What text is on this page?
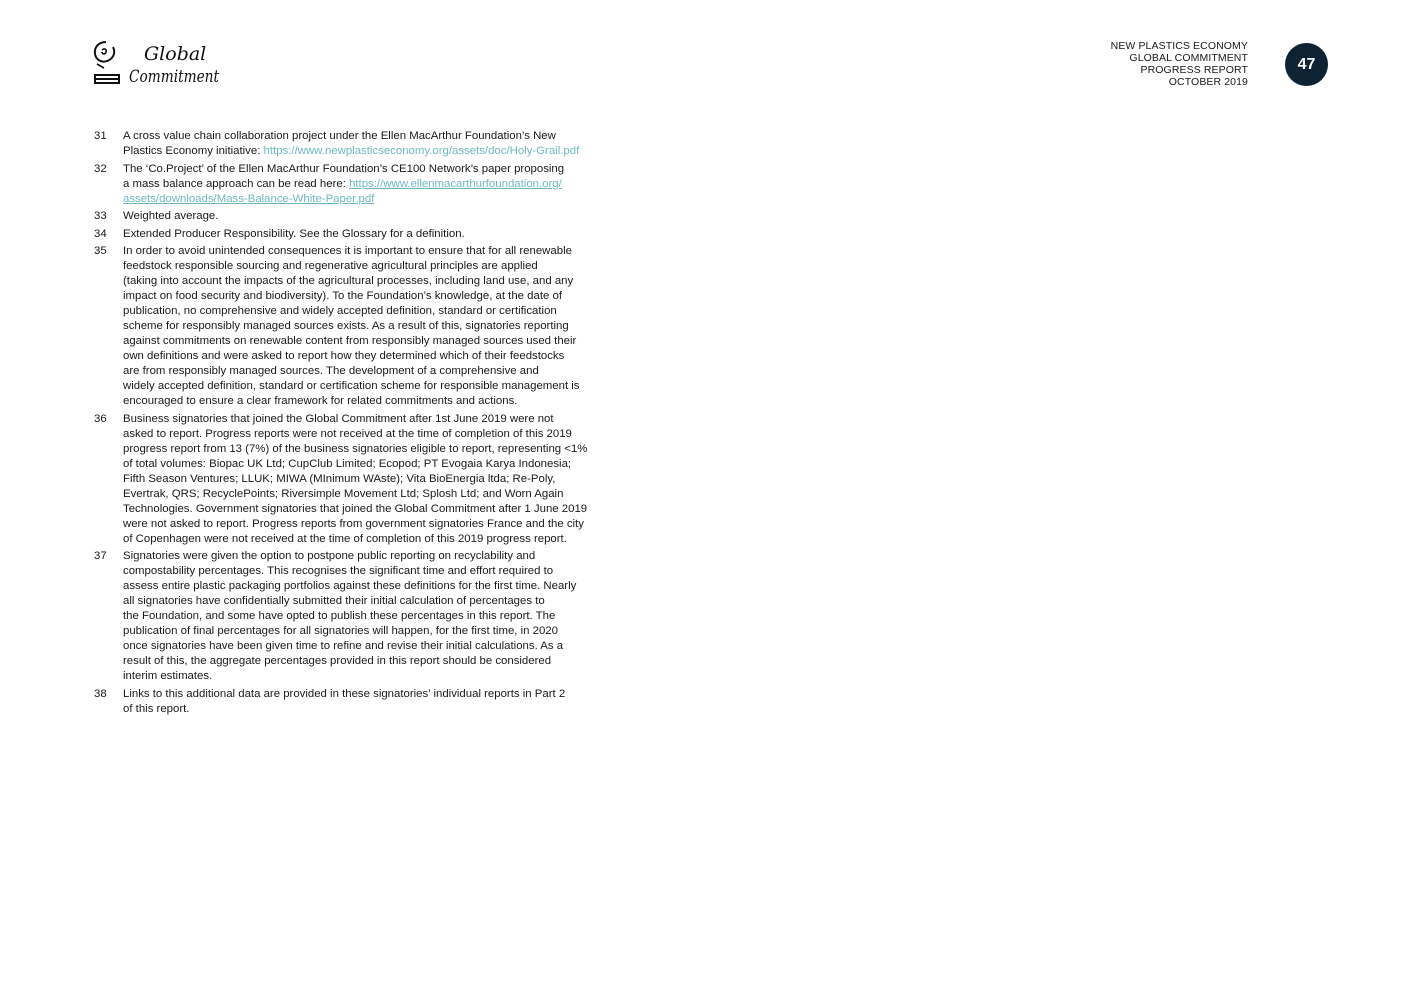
Global
Commitment
NEW PLASTICS ECONOMY
GLOBAL COMMITMENT
PROGRESS REPORT
OCTOBER 2019
47
31	A cross value chain collaboration project under the Ellen MacArthur Foundation’s New
Plastics Economy initiative: https://www.newplasticseconomy.org/assets/doc/Holy-Grail.pdf
32	The ‘Co.Project’ of the Ellen MacArthur Foundation’s CE100 Network’s paper proposing
a mass balance approach can be read here: https://www.ellenmacarthurfoundation.org/
assets/downloads/Mass-Balance-White-Paper.pdf
33	Weighted average.
34	Extended Producer Responsibility. See the Glossary for a definition.
35	In order to avoid unintended consequences it is important to ensure that for all renewable
feedstock responsible sourcing and regenerative agricultural principles are applied
(taking into account the impacts of the agricultural processes, including land use, and any
impact on food security and biodiversity). To the Foundation’s knowledge, at the date of
publication, no comprehensive and widely accepted definition, standard or certification
scheme for responsibly managed sources exists. As a result of this, signatories reporting
against commitments on renewable content from responsibly managed sources used their
own definitions and were asked to report how they determined which of their feedstocks
are from responsibly managed sources. The development of a comprehensive and
widely accepted definition, standard or certification scheme for responsible management is
encouraged to ensure a clear framework for related commitments and actions.
36	Business signatories that joined the Global Commitment after 1st June 2019 were not
asked to report. Progress reports were not received at the time of completion of this 2019
progress report from 13 (7%) of the business signatories eligible to report, representing <1%
of total volumes: Biopac UK Ltd; CupClub Limited; Ecopod; PT Evogaia Karya Indonesia;
Fifth Season Ventures; LLUK; MIWA (MInimum WAste); Vita BioEnergia ltda; Re-Poly,
Evertrak, QRS; RecyclePoints; Riversimple Movement Ltd; Splosh Ltd; and Worn Again
Technologies. Government signatories that joined the Global Commitment after 1 June 2019
were not asked to report. Progress reports from government signatories France and the city
of Copenhagen were not received at the time of completion of this 2019 progress report.
37	Signatories were given the option to postpone public reporting on recyclability and
compostability percentages. This recognises the significant time and effort required to
assess entire plastic packaging portfolios against these definitions for the first time. Nearly
all signatories have confidentially submitted their initial calculation of percentages to
the Foundation, and some have opted to publish these percentages in this report. The
publication of final percentages for all signatories will happen, for the first time, in 2020
once signatories have been given time to refine and revise their initial calculations. As a
result of this, the aggregate percentages provided in this report should be considered
interim estimates.
38	Links to this additional data are provided in these signatories’ individual reports in Part 2
of this report.
